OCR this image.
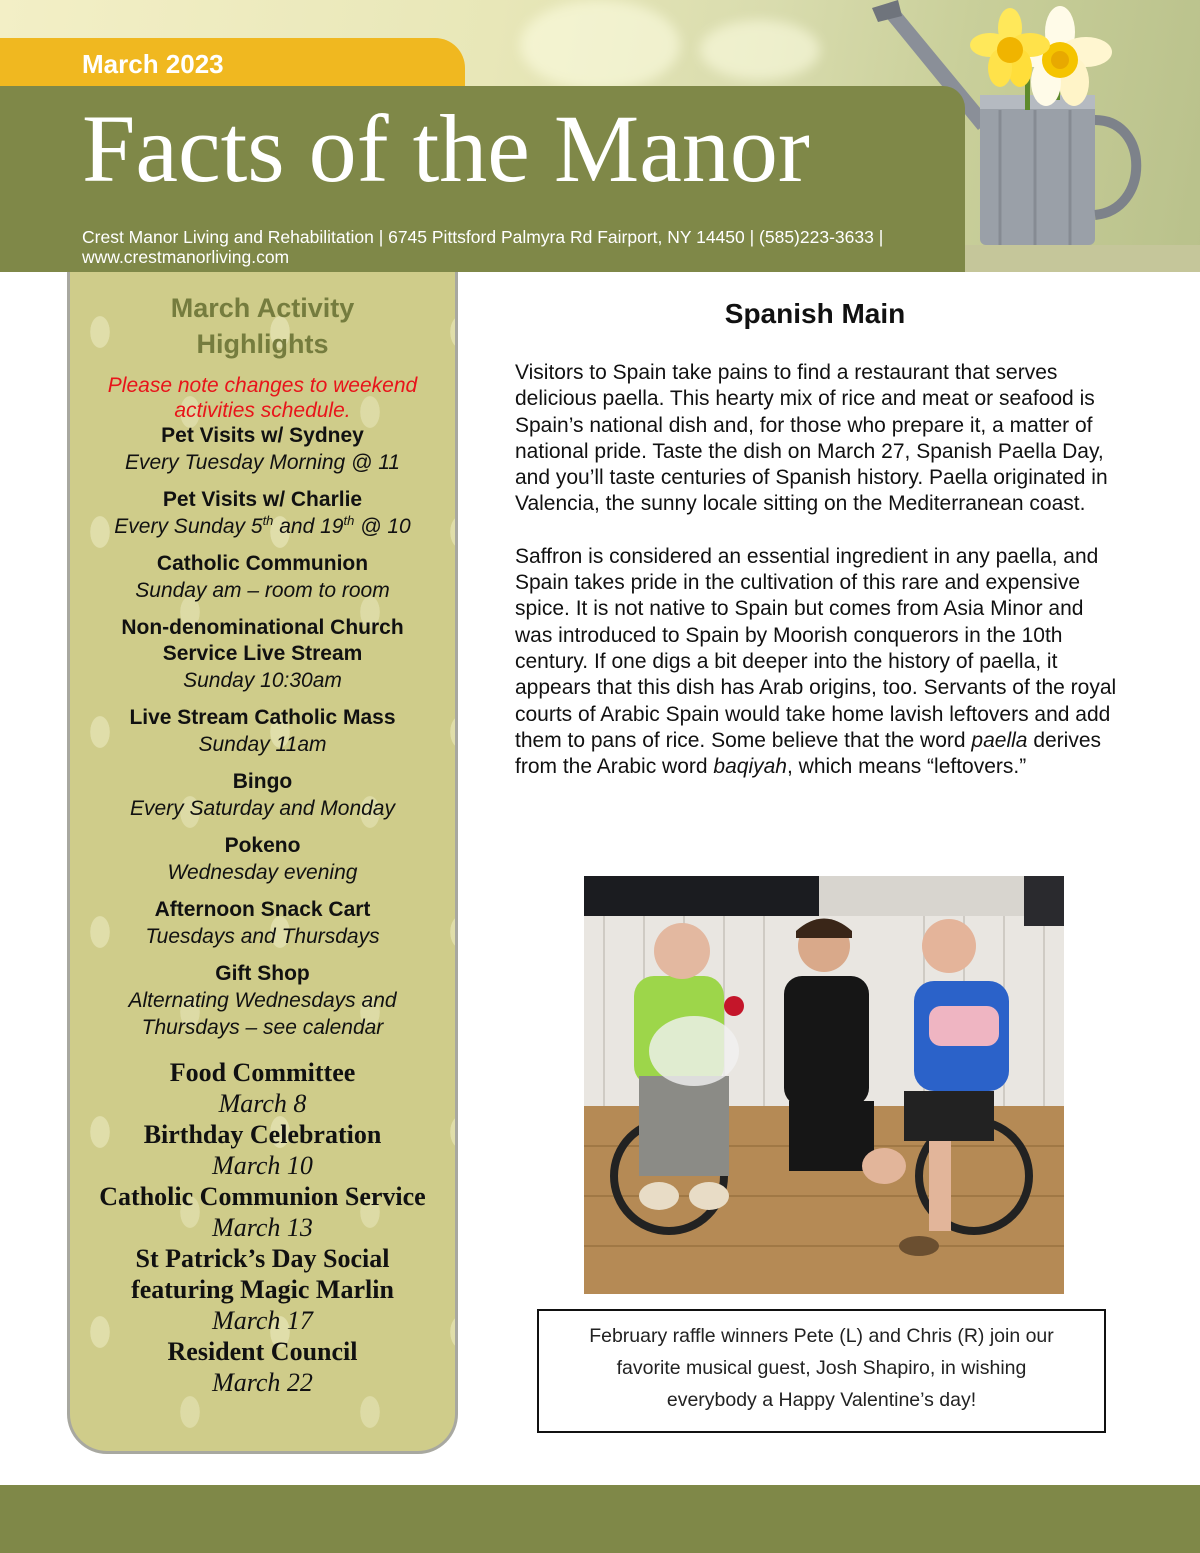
March 2023
Facts of the Manor
Crest Manor Living and Rehabilitation | 6745 Pittsford Palmyra Rd Fairport, NY 14450 | (585)223-3633 |
www.crestmanorliving.com
March Activity
Highlights
Please note changes to weekend
activities schedule.
Pet Visits w/ Sydney
Every Tuesday Morning @ 11
Pet Visits w/ Charlie
Every Sunday 5th and 19th @ 10
Catholic Communion
Sunday am – room to room
Non-denominational Church
Service Live Stream
Sunday 10:30am
Live Stream Catholic Mass
Sunday 11am
Bingo
Every Saturday and Monday
Pokeno
Wednesday evening
Afternoon Snack Cart
Tuesdays and Thursdays
Gift Shop
Alternating Wednesdays and
Thursdays – see calendar
Food Committee
March 8
Birthday Celebration
March 10
Catholic Communion Service
March 13
St Patrick’s Day Social
featuring Magic Marlin
March 17
Resident Council
March 22
Spanish Main

Visitors to Spain take pains to find a restaurant that serves delicious paella. This hearty mix of rice and meat or seafood is Spain’s national dish and, for those who prepare it, a matter of national pride. Taste the dish on March 27, Spanish Paella Day, and you’ll taste centuries of Spanish history. Paella originated in Valencia, the sunny locale sitting on the Mediterranean coast.

Saffron is considered an essential ingredient in any paella, and Spain takes pride in the cultivation of this rare and expensive spice. It is not native to Spain but comes from Asia Minor and was introduced to Spain by Moorish conquerors in the 10th century. If one digs a bit deeper into the history of paella, it appears that this dish has Arab origins, too. Servants of the royal courts of Arabic Spain would take home lavish leftovers and add them to pans of rice. Some believe that the word paella derives from the Arabic word baqiyah, which means “leftovers.”

February raffle winners Pete (L) and Chris (R) join our
favorite musical guest, Josh Shapiro, in wishing
everybody a Happy Valentine’s day!
